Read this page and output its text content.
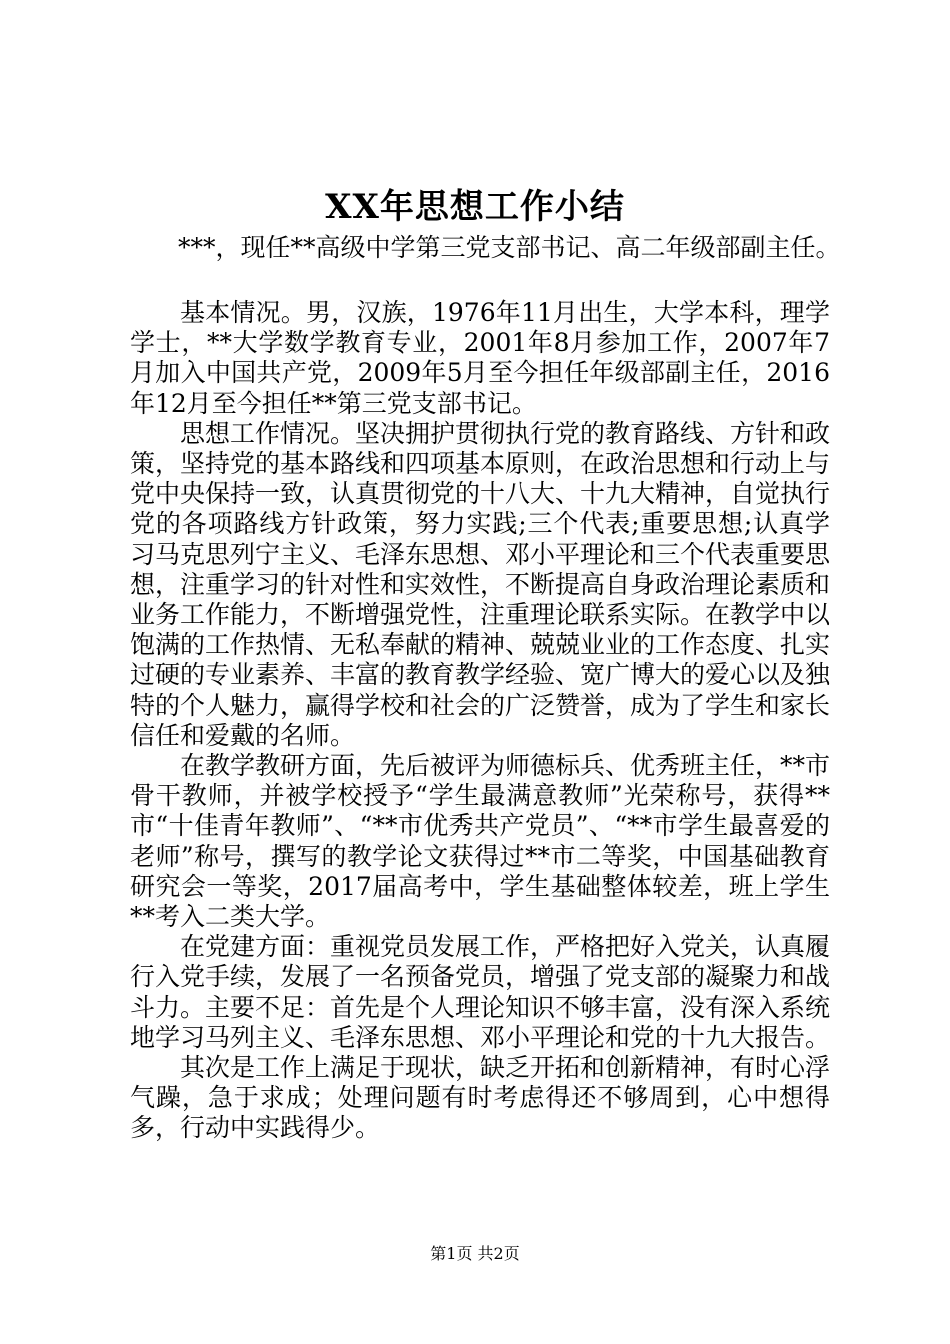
XX年思想工作小结
***，现任**高级中学第三党支部书记、高二年级部副主任。

基本情况。男，汉族，1976年11月出生，大学本科，理学学士，**大学数学教育专业，2001年8月参加工作，2007年7月加入中国共产党，2009年5月至今担任年级部副主任，2016年12月至今担任**第三党支部书记。

思想工作情况。坚决拥护贯彻执行党的教育路线、方针和政策，坚持党的基本路线和四项基本原则，在政治思想和行动上与党中央保持一致，认真贯彻党的十八大、十九大精神，自觉执行党的各项路线方针政策，努力实践;三个代表;重要思想;认真学习马克思列宁主义、毛泽东思想、邓小平理论和三个代表重要思想，注重学习的针对性和实效性，不断提高自身政治理论素质和业务工作能力，不断增强党性，注重理论联系实际。在教学中以饱满的工作热情、无私奉献的精神、兢兢业业的工作态度、扎实过硬的专业素养、丰富的教育教学经验、宽广博大的爱心以及独特的个人魅力，赢得学校和社会的广泛赞誉，成为了学生和家长信任和爱戴的名师。

在教学教研方面，先后被评为师德标兵、优秀班主任，**市骨干教师，并被学校授予“学生最满意教师”光荣称号，获得**市“十佳青年教师”、“**市优秀共产党员”、“**市学生最喜爱的老师”称号，撰写的教学论文获得过**市二等奖，中国基础教育研究会一等奖，2017届高考中，学生基础整体较差，班上学生**考入二类大学。

在党建方面：重视党员发展工作，严格把好入党关，认真履行入党手续，发展了一名预备党员，增强了党支部的凝聚力和战斗力。主要不足：首先是个人理论知识不够丰富，没有深入系统地学习马列主义、毛泽东思想、邓小平理论和党的十九大报告。

其次是工作上满足于现状，缺乏开拓和创新精神，有时心浮气躁，急于求成；处理问题有时考虑得还不够周到，心中想得多，行动中实践得少。

第1页 共2页
